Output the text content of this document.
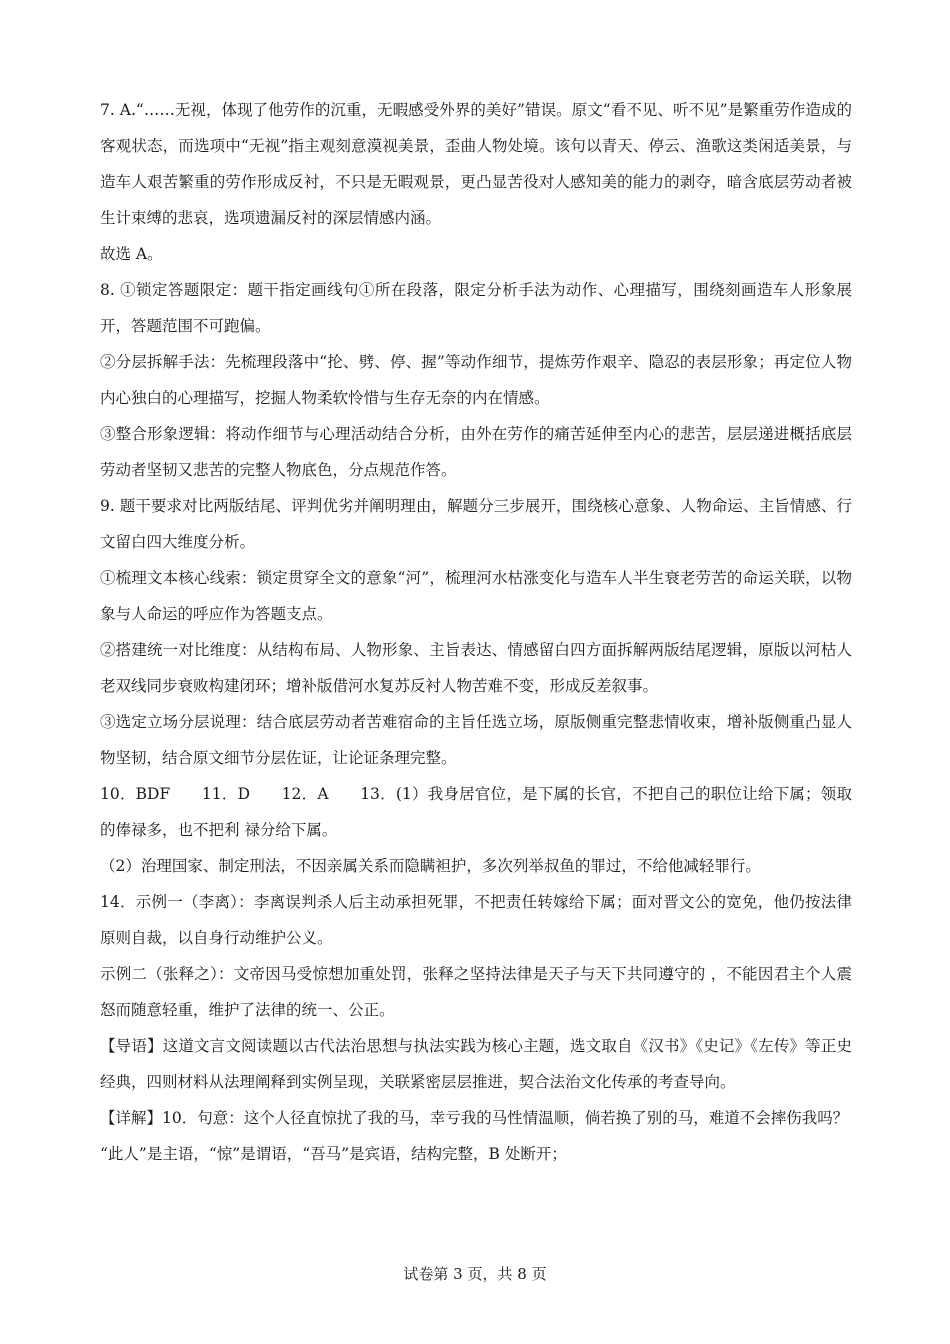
7. A.“……无视，体现了他劳作的沉重，无暇感受外界的美好”错误。原文“看不见、听不见”是繁重劳作造成的客观状态，而选项中“无视”指主观刻意漠视美景，歪曲人物处境。该句以青天、停云、渔歌这类闲适美景，与造车人艰苦繁重的劳作形成反衬，不只是无暇观景，更凸显苦役对人感知美的能力的剥夺，暗含底层劳动者被生计束缚的悲哀，选项遗漏反衬的深层情感内涵。

故选 A。

8. ①锁定答题限定：题干指定画线句①所在段落，限定分析手法为动作、心理描写，围绕刻画造车人形象展开，答题范围不可跑偏。

②分层拆解手法：先梳理段落中“抡、劈、停、握”等动作细节，提炼劳作艰辛、隐忍的表层形象；再定位人物内心独白的心理描写，挖掘人物柔软怜惜与生存无奈的内在情感。

③整合形象逻辑：将动作细节与心理活动结合分析，由外在劳作的痛苦延伸至内心的悲苦，层层递进概括底层劳动者坚韧又悲苦的完整人物底色，分点规范作答。

9. 题干要求对比两版结尾、评判优劣并阐明理由，解题分三步展开，围绕核心意象、人物命运、主旨情感、行文留白四大维度分析。

①梳理文本核心线索：锁定贯穿全文的意象“河”，梳理河水枯涨变化与造车人半生衰老劳苦的命运关联，以物象与人命运的呼应作为答题支点。

②搭建统一对比维度：从结构布局、人物形象、主旨表达、情感留白四方面拆解两版结尾逻辑，原版以河枯人老双线同步衰败构建闭环；增补版借河水复苏反衬人物苦难不变，形成反差叙事。

③选定立场分层说理：结合底层劳动者苦难宿命的主旨任选立场，原版侧重完整悲情收束，增补版侧重凸显人物坚韧，结合原文细节分层佐证，让论证条理完整。

10．BDF　　11．D　　12．A　　13．(1）我身居官位，是下属的长官，不把自己的职位让给下属；领取的俸禄多，也不把利 禄分给下属。

（2）治理国家、制定刑法，不因亲属关系而隐瞒袒护，多次列举叔鱼的罪过，不给他减轻罪行。

14．示例一（李离）：李离误判杀人后主动承担死罪，不把责任转嫁给下属；面对晋文公的宽免，他仍按法律原则自裁，以自身行动维护公义。

示例二（张释之）：文帝因马受惊想加重处罚，张释之坚持法律是天子与天下共同遵守的 ，不能因君主个人震怒而随意轻重，维护了法律的统一、公正。

【导语】这道文言文阅读题以古代法治思想与执法实践为核心主题，选文取自《汉书》《史记》《左传》等正史经典，四则材料从法理阐释到实例呈现，关联紧密层层推进，契合法治文化传承的考查导向。

【详解】10．句意：这个人径直惊扰了我的马，幸亏我的马性情温顺，倘若换了别的马，难道不会摔伤我吗？

“此人”是主语，“惊”是谓语，“吾马”是宾语，结构完整，B 处断开；

试卷第 3 页，共 8 页
